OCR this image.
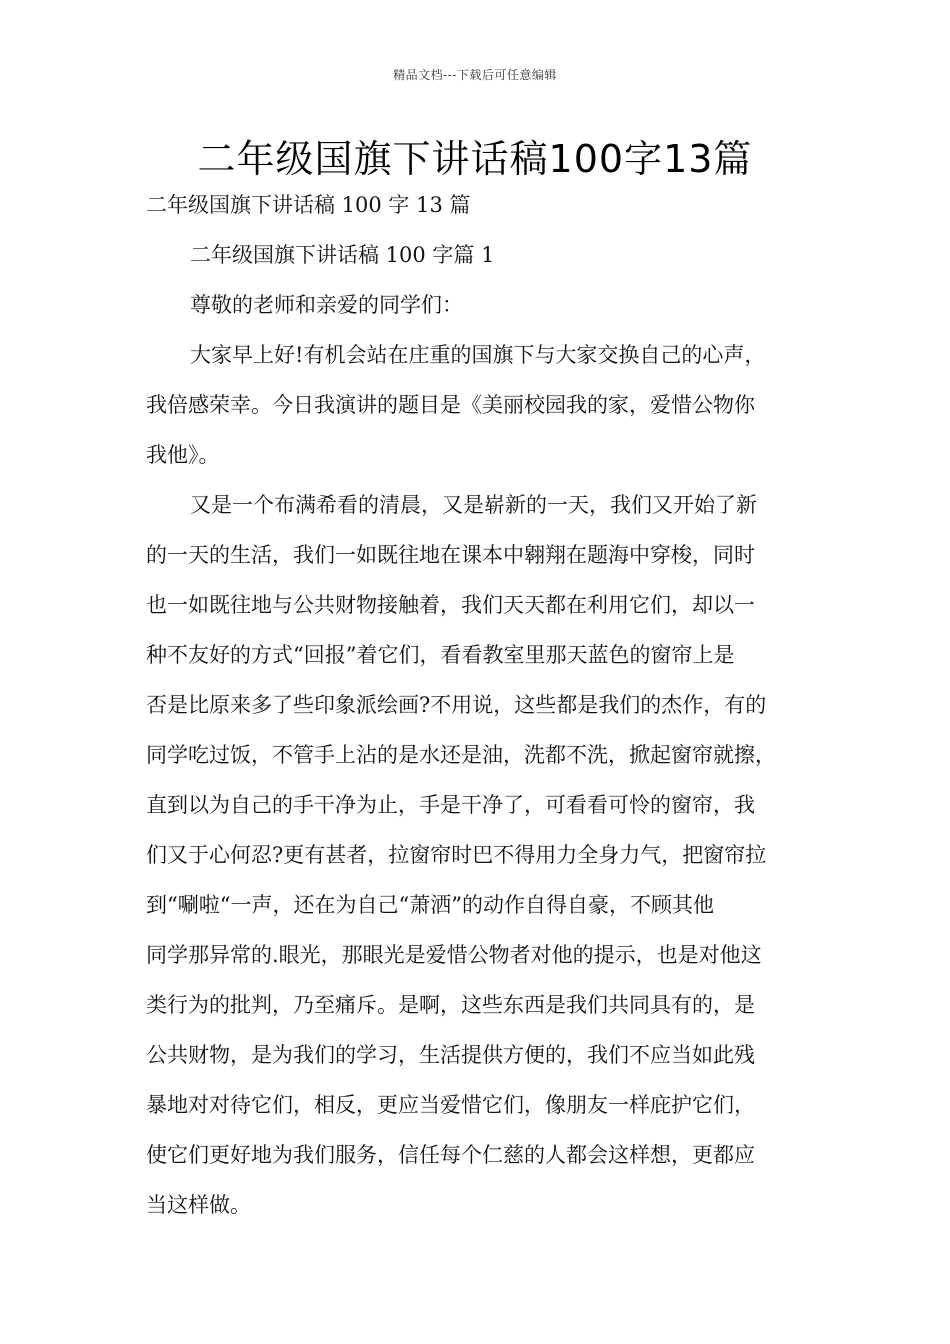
精品文档---下载后可任意编辑
二年级国旗下讲话稿100字13篇

二年级国旗下讲话稿 100 字 13 篇

二年级国旗下讲话稿 100 字篇 1

尊敬的老师和亲爱的同学们：

大家早上好!有机会站在庄重的国旗下与大家交换自己的心声，

我倍感荣幸。今日我演讲的题目是《美丽校园我的家，爱惜公物你

我他》。

又是一个布满希看的清晨，又是崭新的一天，我们又开始了新

的一天的生活，我们一如既往地在课本中翱翔在题海中穿梭，同时

也一如既往地与公共财物接触着，我们天天都在利用它们，却以一

种不友好的方式“回报”着它们，看看教室里那天蓝色的窗帘上是

否是比原来多了些印象派绘画?不用说，这些都是我们的杰作，有的

同学吃过饭，不管手上沾的是水还是油，洗都不洗，掀起窗帘就擦，

直到以为自己的手干净为止，手是干净了，可看看可怜的窗帘，我

们又于心何忍?更有甚者，拉窗帘时巴不得用力全身力气，把窗帘拉

到“唰啦“一声，还在为自己“萧洒”的动作自得自豪，不顾其他

同学那异常的.眼光，那眼光是爱惜公物者对他的提示，也是对他这

类行为的批判，乃至痛斥。是啊，这些东西是我们共同具有的，是

公共财物，是为我们的学习，生活提供方便的，我们不应当如此残

暴地对对待它们，相反，更应当爱惜它们，像朋友一样庇护它们，

使它们更好地为我们服务，信任每个仁慈的人都会这样想，更都应

当这样做。
